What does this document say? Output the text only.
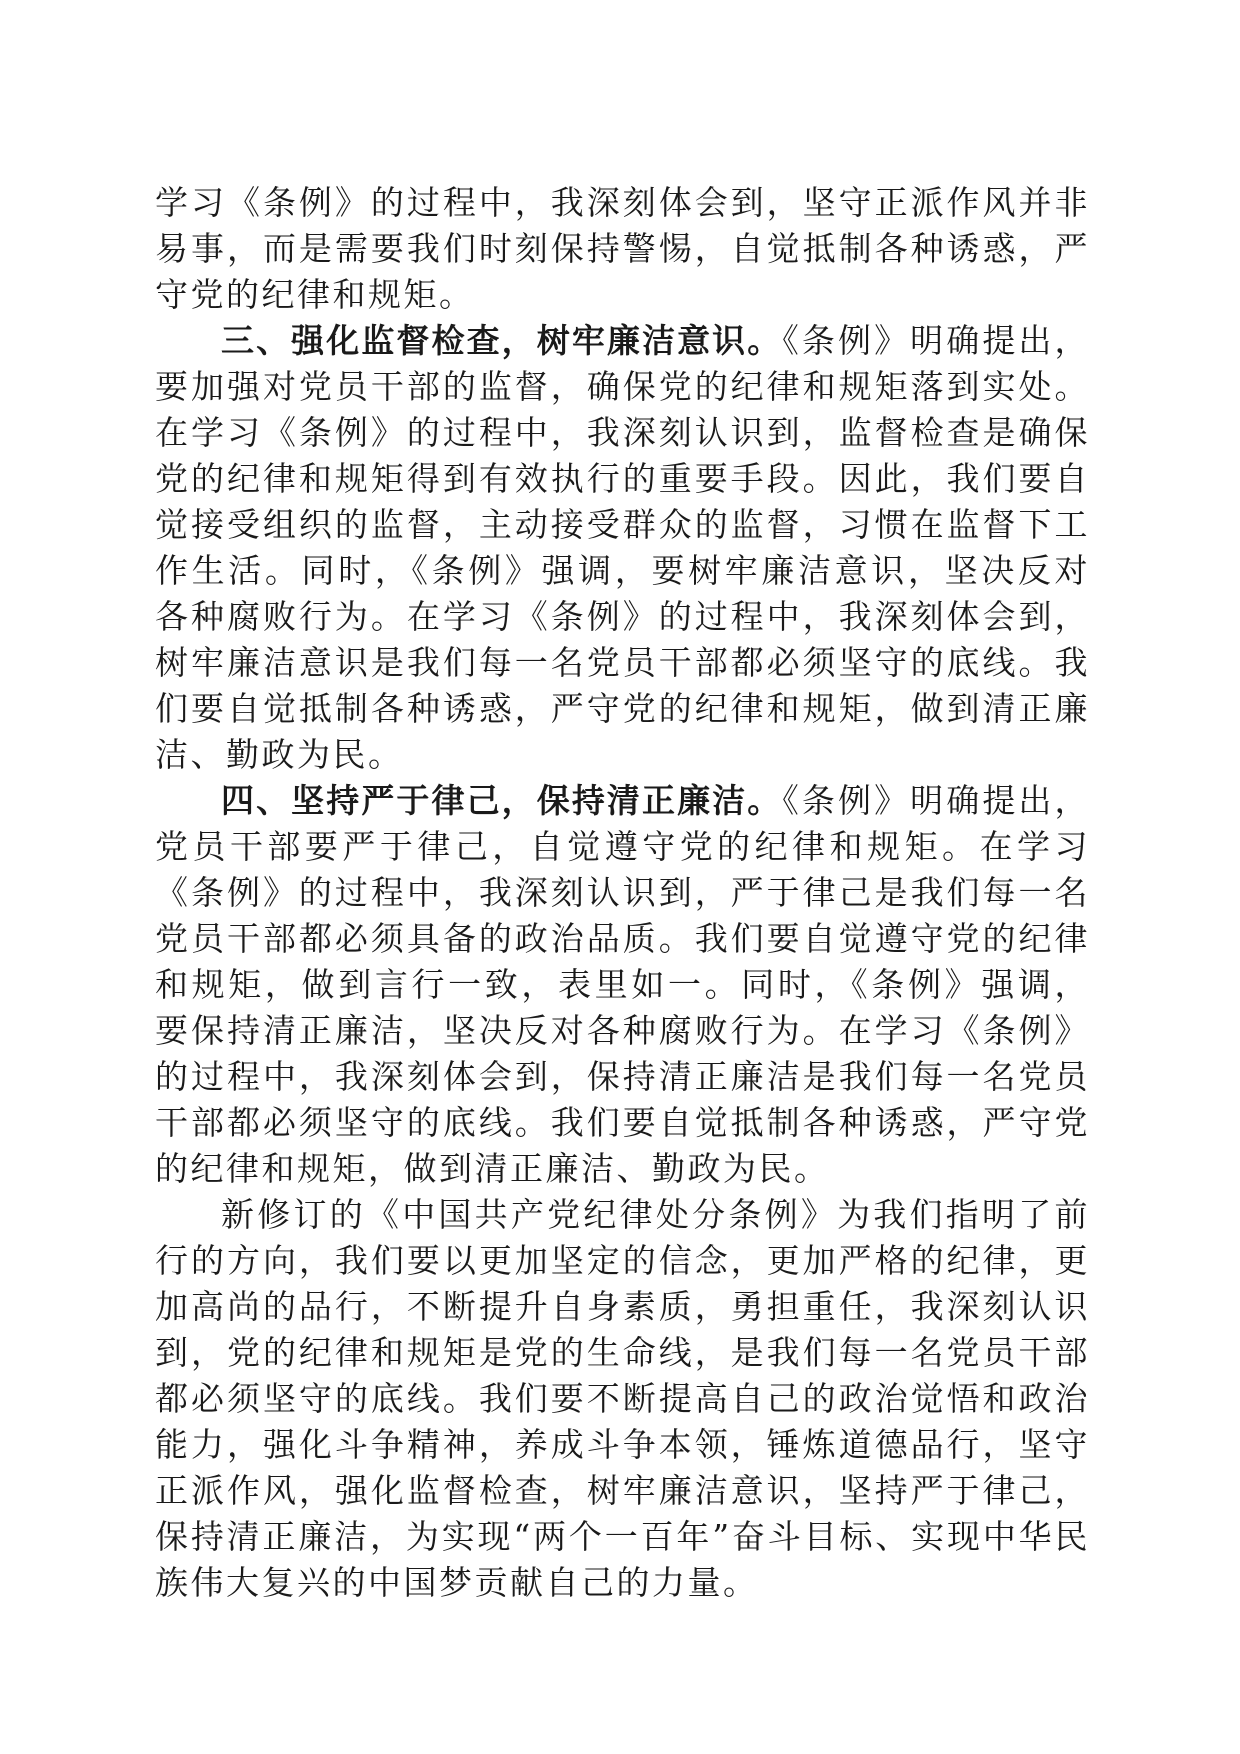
学习《条例》的过程中，我深刻体会到，坚守正派作风并非易事，而是需要我们时刻保持警惕，自觉抵制各种诱惑，严守党的纪律和规矩。

三、强化监督检查，树牢廉洁意识。《条例》明确提出，要加强对党员干部的监督，确保党的纪律和规矩落到实处。在学习《条例》的过程中，我深刻认识到，监督检查是确保党的纪律和规矩得到有效执行的重要手段。因此，我们要自觉接受组织的监督，主动接受群众的监督，习惯在监督下工作生活。同时，《条例》强调，要树牢廉洁意识，坚决反对各种腐败行为。在学习《条例》的过程中，我深刻体会到，树牢廉洁意识是我们每一名党员干部都必须坚守的底线。我们要自觉抵制各种诱惑，严守党的纪律和规矩，做到清正廉洁、勤政为民。

四、坚持严于律己，保持清正廉洁。《条例》明确提出，党员干部要严于律己，自觉遵守党的纪律和规矩。在学习《条例》的过程中，我深刻认识到，严于律己是我们每一名党员干部都必须具备的政治品质。我们要自觉遵守党的纪律和规矩，做到言行一致，表里如一。同时，《条例》强调，要保持清正廉洁，坚决反对各种腐败行为。在学习《条例》的过程中，我深刻体会到，保持清正廉洁是我们每一名党员干部都必须坚守的底线。我们要自觉抵制各种诱惑，严守党的纪律和规矩，做到清正廉洁、勤政为民。

新修订的《中国共产党纪律处分条例》为我们指明了前行的方向，我们要以更加坚定的信念，更加严格的纪律，更加高尚的品行，不断提升自身素质，勇担重任，我深刻认识到，党的纪律和规矩是党的生命线，是我们每一名党员干部都必须坚守的底线。我们要不断提高自己的政治觉悟和政治能力，强化斗争精神，养成斗争本领，锤炼道德品行，坚守正派作风，强化监督检查，树牢廉洁意识，坚持严于律己，保持清正廉洁，为实现“两个一百年”奋斗目标、实现中华民族伟大复兴的中国梦贡献自己的力量。
